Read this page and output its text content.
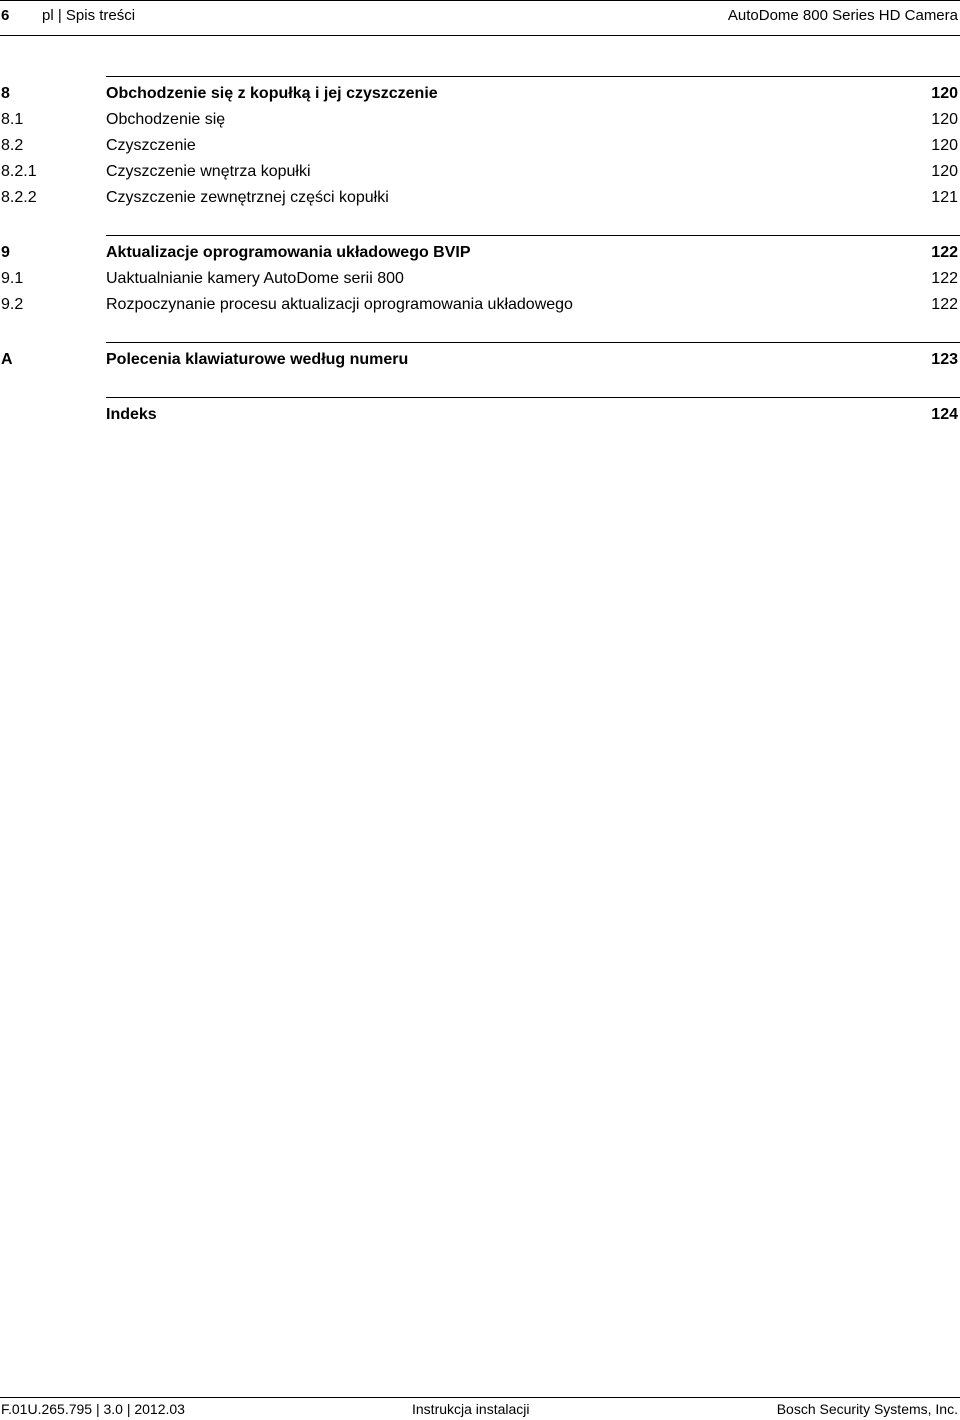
6 pl | Spis treści	AutoDome 800 Series HD Camera
8	Obchodzenie się z kopułką i jej czyszczenie	120
8.1	Obchodzenie się	120
8.2	Czyszczenie	120
8.2.1	Czyszczenie wnętrza kopułki	120
8.2.2	Czyszczenie zewnętrznej części kopułki	121
9	Aktualizacje oprogramowania układowego BVIP	122
9.1	Uaktualnianie kamery AutoDome serii 800	122
9.2	Rozpoczynanie procesu aktualizacji oprogramowania układowego	122
A	Polecenia klawiaturowe według numeru	123
Indeks	124
F.01U.265.795 | 3.0 | 2012.03	Instrukcja instalacji	Bosch Security Systems, Inc.
